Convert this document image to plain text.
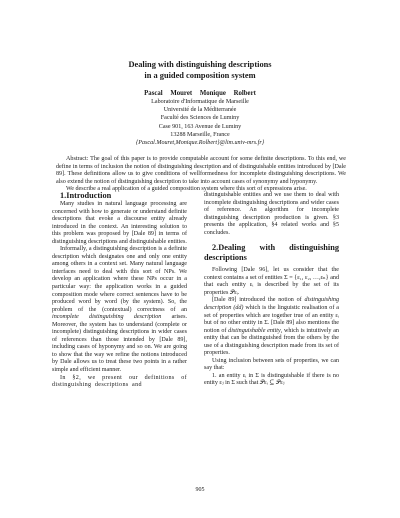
Dealing with distinguishing descriptions
in a guided composition system
Pascal Mouret Monique Rolbert
Laboratoire d'Informatique de Marseille
Université de la Méditerranée
Faculté des Sciences de Luminy
Case 901, 163 Avenue de Luminy
13288 Marseille, France
{Pascal.Mouret,Monique.Rolbert}@lim.univ-mrs.fr}

Abstract: The goal of this paper is to provide computable account for some definite descriptions. To this end, we define in terms of inclusion the notion of distinguishing description and of distinguishable entities introduced by [Dale 89]. These definitions allow us to give conditions of wellformedness for incomplete distinguishing descriptions. We also extend the notion of distinguishing description to take into account cases of synonymy and hyponymy.

We describe a real application of a guided composition system where this sort of expressions arise.

1.Introduction

Many studies in natural language processing are concerned with how to generate or understand definite descriptions that evoke a discourse entity already introduced in the context. An interesting solution to this problem was proposed by [Dale 89] in terms of distinguishing descriptions and distinguishable entities.

Informally, a distinguishing description is a definite description which designates one and only one entity among others in a context set. Many natural language interfaces need to deal with this sort of NPs. We develop an application where these NPs occur in a particular way: the application works in a guided composition mode where correct sentences have to be produced word by word (by the system). So, the problem of the (contextual) correctness of an incomplete distinguishing description arises. Moreover, the system has to understand (complete or incomplete) distinguishing descriptions in wider cases of references than those intended by [Dale 89], including cases of hyponymy and so on. We are going to show that the way we refine the notions introduced by Dale allows us to treat these two points in a rather simple and efficient manner.

In §2, we present our definitions of distinguishing descriptions and

distinguishable entities and we use them to deal with incomplete distinguishing descriptions and wider cases of reference. An algorithm for incomplete distinguishing description production is given. §3 presents the application, §4 related works and §5 concludes.

2.Dealing with distinguishing descriptions

Following [Dale 96], let us consider that the context contains a set of entities Σ = {ε₁, ε₂, …,εₙ} and that each entity εᵢ is described by the set of its properties 𝒫εᵢ.

[Dale 89] introduced the notion of distinguishing description (dd) which is the linguistic realisation of a set of properties which are together true of an entity εᵢ but of no other entity in Σ. [Dale 89] also mentions the notion of distinguishable entity, which is intuitively an entity that can be distinguished from the others by the use of a distinguishing description made from its set of properties.

Using inclusion between sets of properties, we can say that:

1. an entity εᵢ in Σ is distinguishable if there is no entity εⱼ in Σ such that 𝒫εᵢ ⊆ 𝒫εⱼ

905
